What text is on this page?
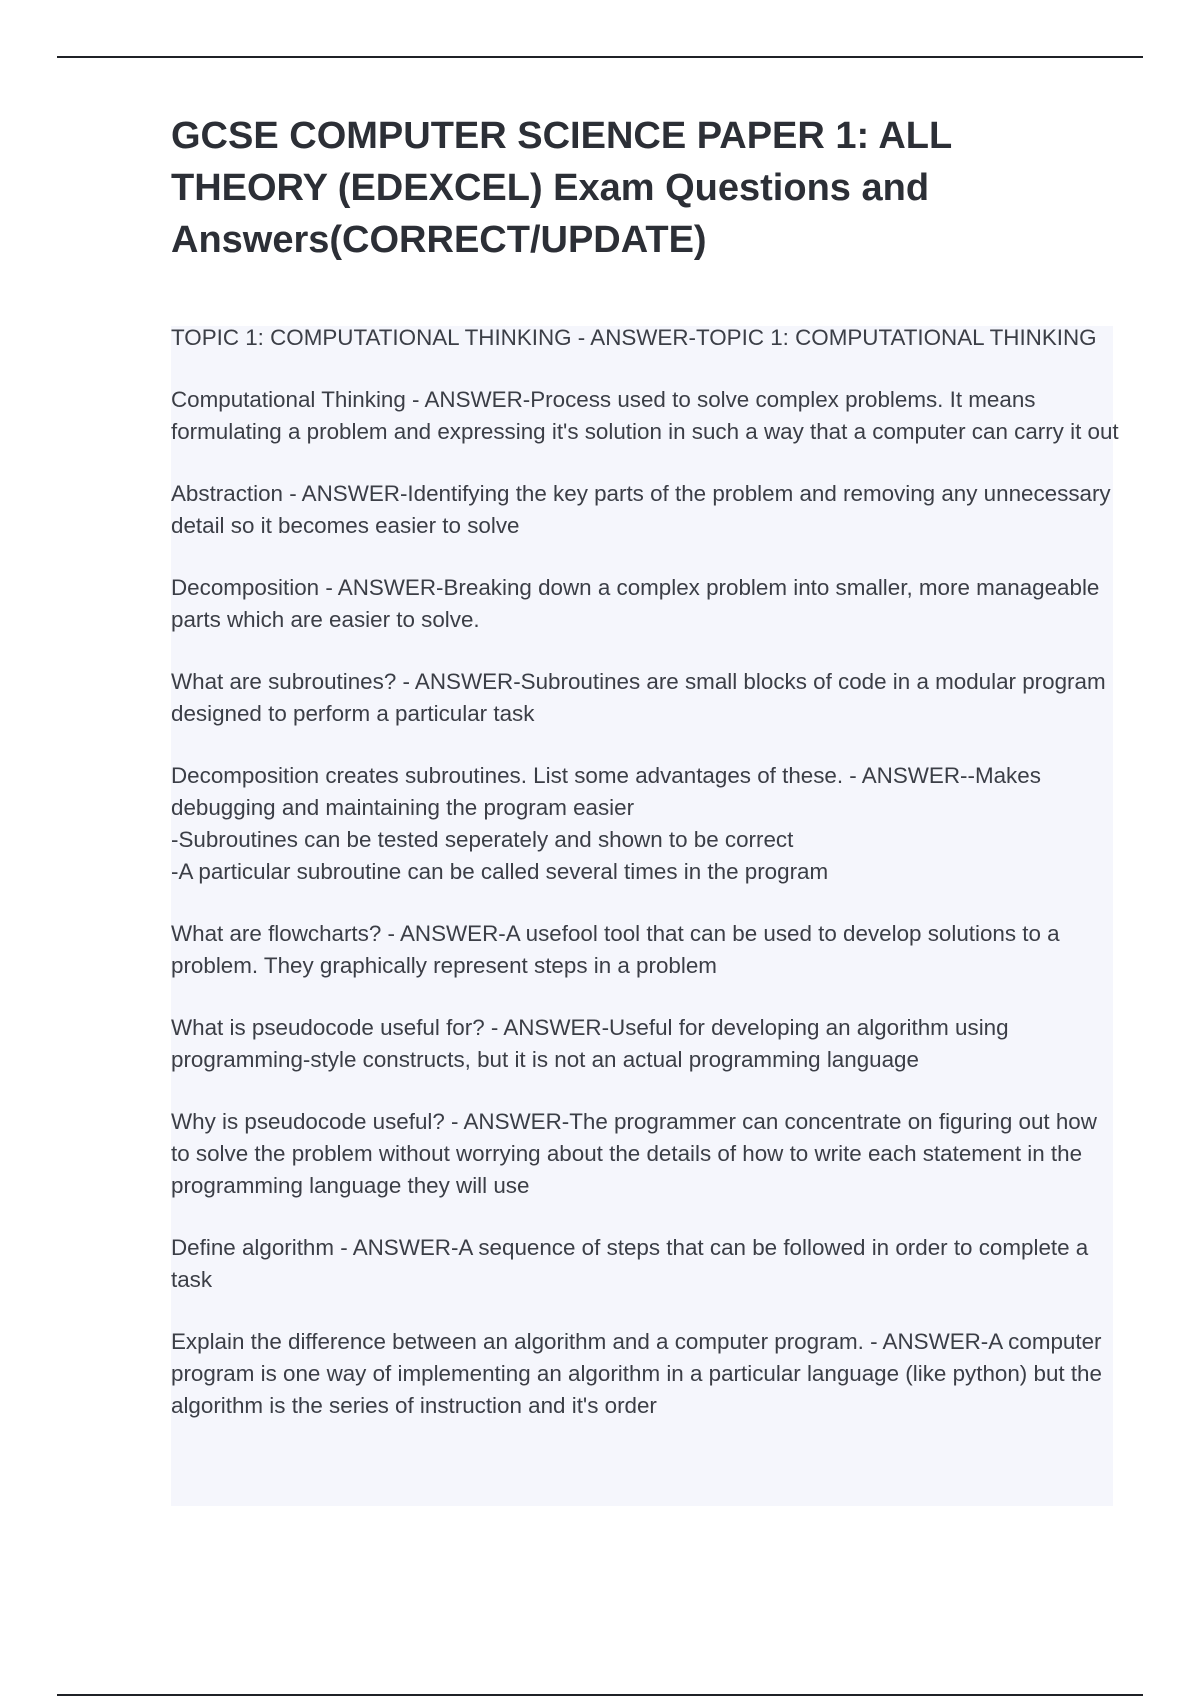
GCSE COMPUTER SCIENCE PAPER 1: ALL THEORY (EDEXCEL) Exam Questions and Answers(CORRECT/UPDATE)
TOPIC 1: COMPUTATIONAL THINKING - ANSWER-TOPIC 1: COMPUTATIONAL THINKING
Computational Thinking - ANSWER-Process used to solve complex problems. It means formulating a problem and expressing it's solution in such a way that a computer can carry it out
Abstraction - ANSWER-Identifying the key parts of the problem and removing any unnecessary detail so it becomes easier to solve
Decomposition - ANSWER-Breaking down a complex problem into smaller, more manageable parts which are easier to solve.
What are subroutines? - ANSWER-Subroutines are small blocks of code in a modular program designed to perform a particular task
Decomposition creates subroutines. List some advantages of these. - ANSWER--Makes debugging and maintaining the program easier
-Subroutines can be tested seperately and shown to be correct
-A particular subroutine can be called several times in the program
What are flowcharts? - ANSWER-A usefool tool that can be used to develop solutions to a problem. They graphically represent steps in a problem
What is pseudocode useful for? - ANSWER-Useful for developing an algorithm using programming-style constructs, but it is not an actual programming language
Why is pseudocode useful? - ANSWER-The programmer can concentrate on figuring out how to solve the problem without worrying about the details of how to write each statement in the programming language they will use
Define algorithm - ANSWER-A sequence of steps that can be followed in order to complete a task
Explain the difference between an algorithm and a computer program. - ANSWER-A computer program is one way of implementing an algorithm in a particular language (like python) but the algorithm is the series of instruction and it's order
